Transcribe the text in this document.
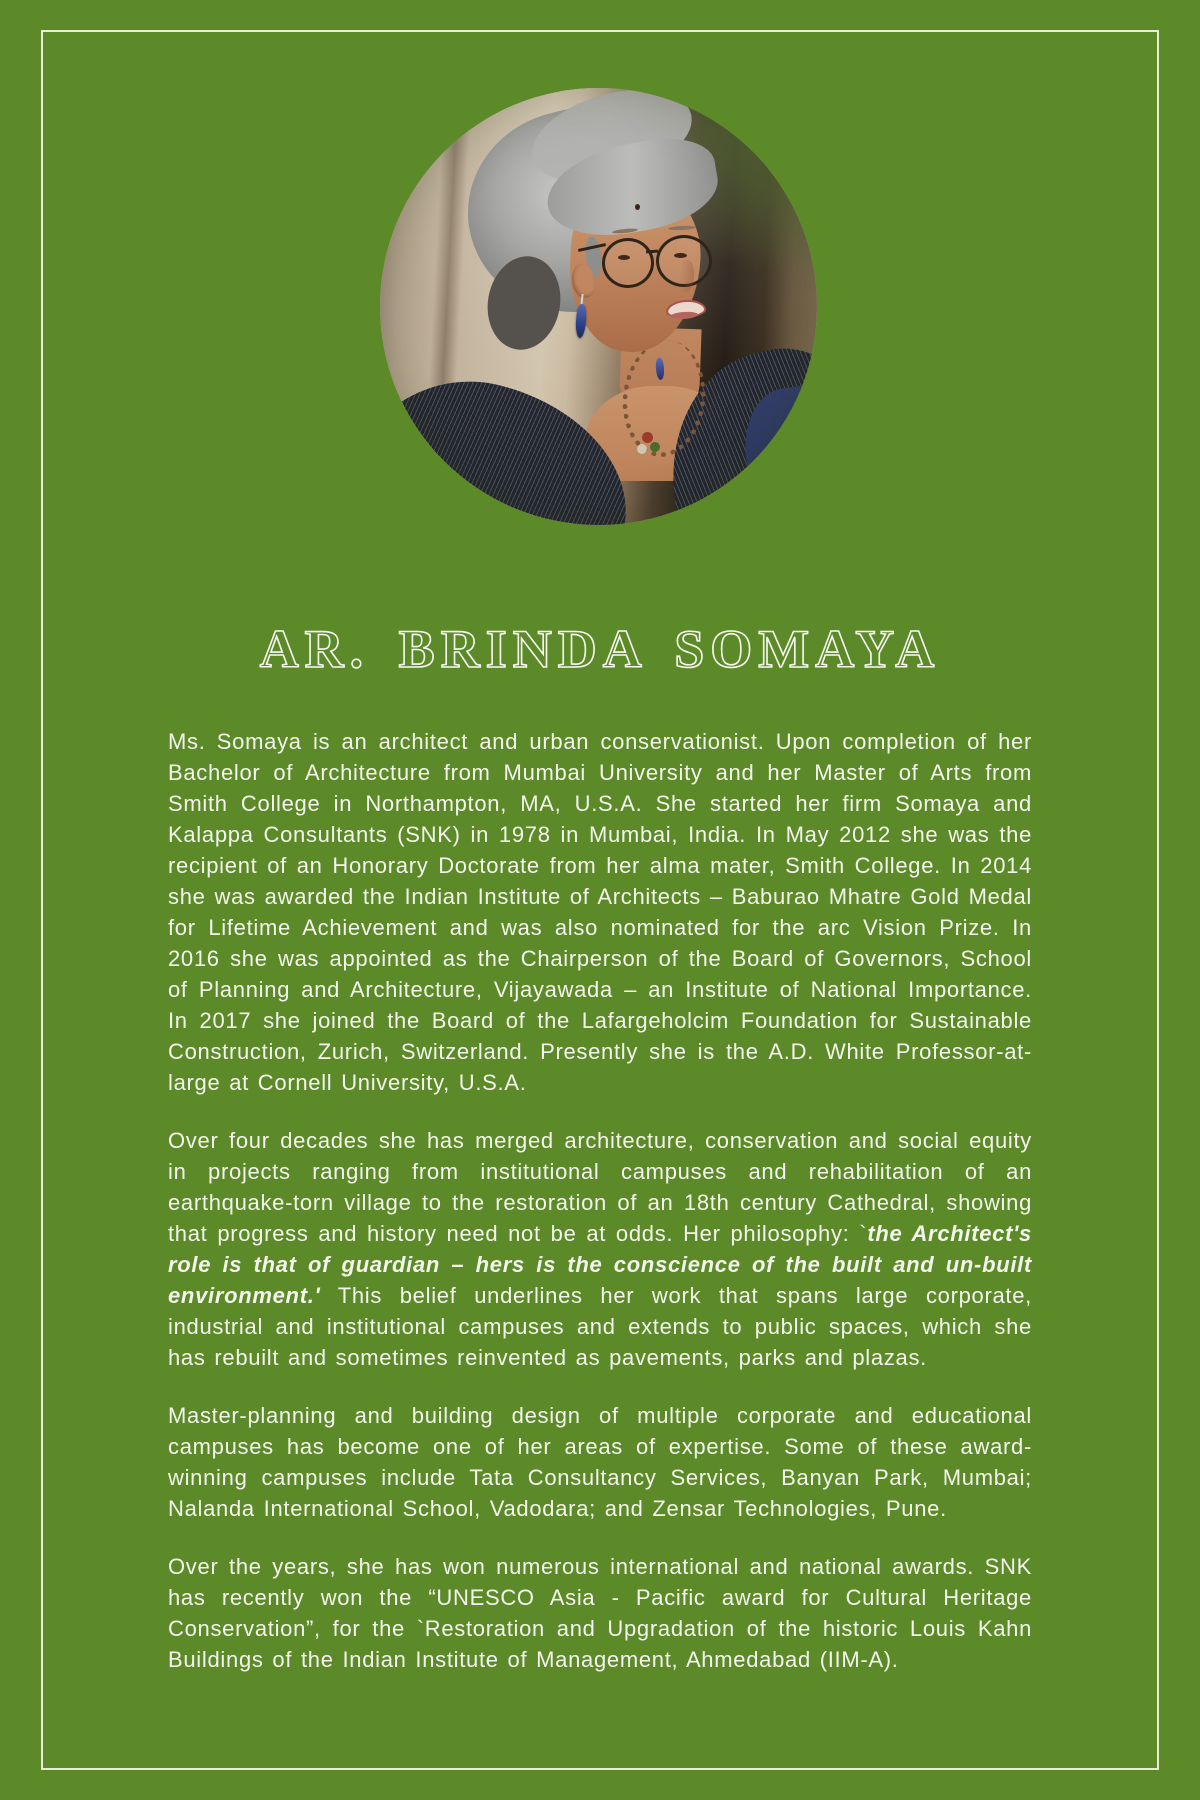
AR. BRINDA SOMAYA

Ms. Somaya is an architect and urban conservationist. Upon completion of her Bachelor of Architecture from Mumbai University and her Master of Arts from Smith College in Northampton, MA, U.S.A. She started her firm Somaya and Kalappa Consultants (SNK) in 1978 in Mumbai, India. In May 2012 she was the recipient of an Honorary Doctorate from her alma mater, Smith College. In 2014 she was awarded the Indian Institute of Architects – Baburao Mhatre Gold Medal for Lifetime Achievement and was also nominated for the arc Vision Prize. In 2016 she was appointed as the Chairperson of the Board of Governors, School of Planning and Architecture, Vijayawada – an Institute of National Importance. In 2017 she joined the Board of the Lafargeholcim Foundation for Sustainable Construction, Zurich, Switzerland. Presently she is the A.D. White Professor-at-large at Cornell University, U.S.A.

Over four decades she has merged architecture, conservation and social equity in projects ranging from institutional campuses and rehabilitation of an earthquake-torn village to the restoration of an 18th century Cathedral, showing that progress and history need not be at odds. Her philosophy: `the Architect's role is that of guardian – hers is the conscience of the built and un-built environment.' This belief underlines her work that spans large corporate, industrial and institutional campuses and extends to public spaces, which she has rebuilt and sometimes reinvented as pavements, parks and plazas.

Master-planning and building design of multiple corporate and educational campuses has become one of her areas of expertise. Some of these award-winning campuses include Tata Consultancy Services, Banyan Park, Mumbai; Nalanda International School, Vadodara; and Zensar Technologies, Pune.

Over the years, she has won numerous international and national awards. SNK has recently won the “UNESCO Asia - Pacific award for Cultural Heritage Conservation”, for the `Restoration and Upgradation of the historic Louis Kahn Buildings of the Indian Institute of Management, Ahmedabad (IIM-A).
